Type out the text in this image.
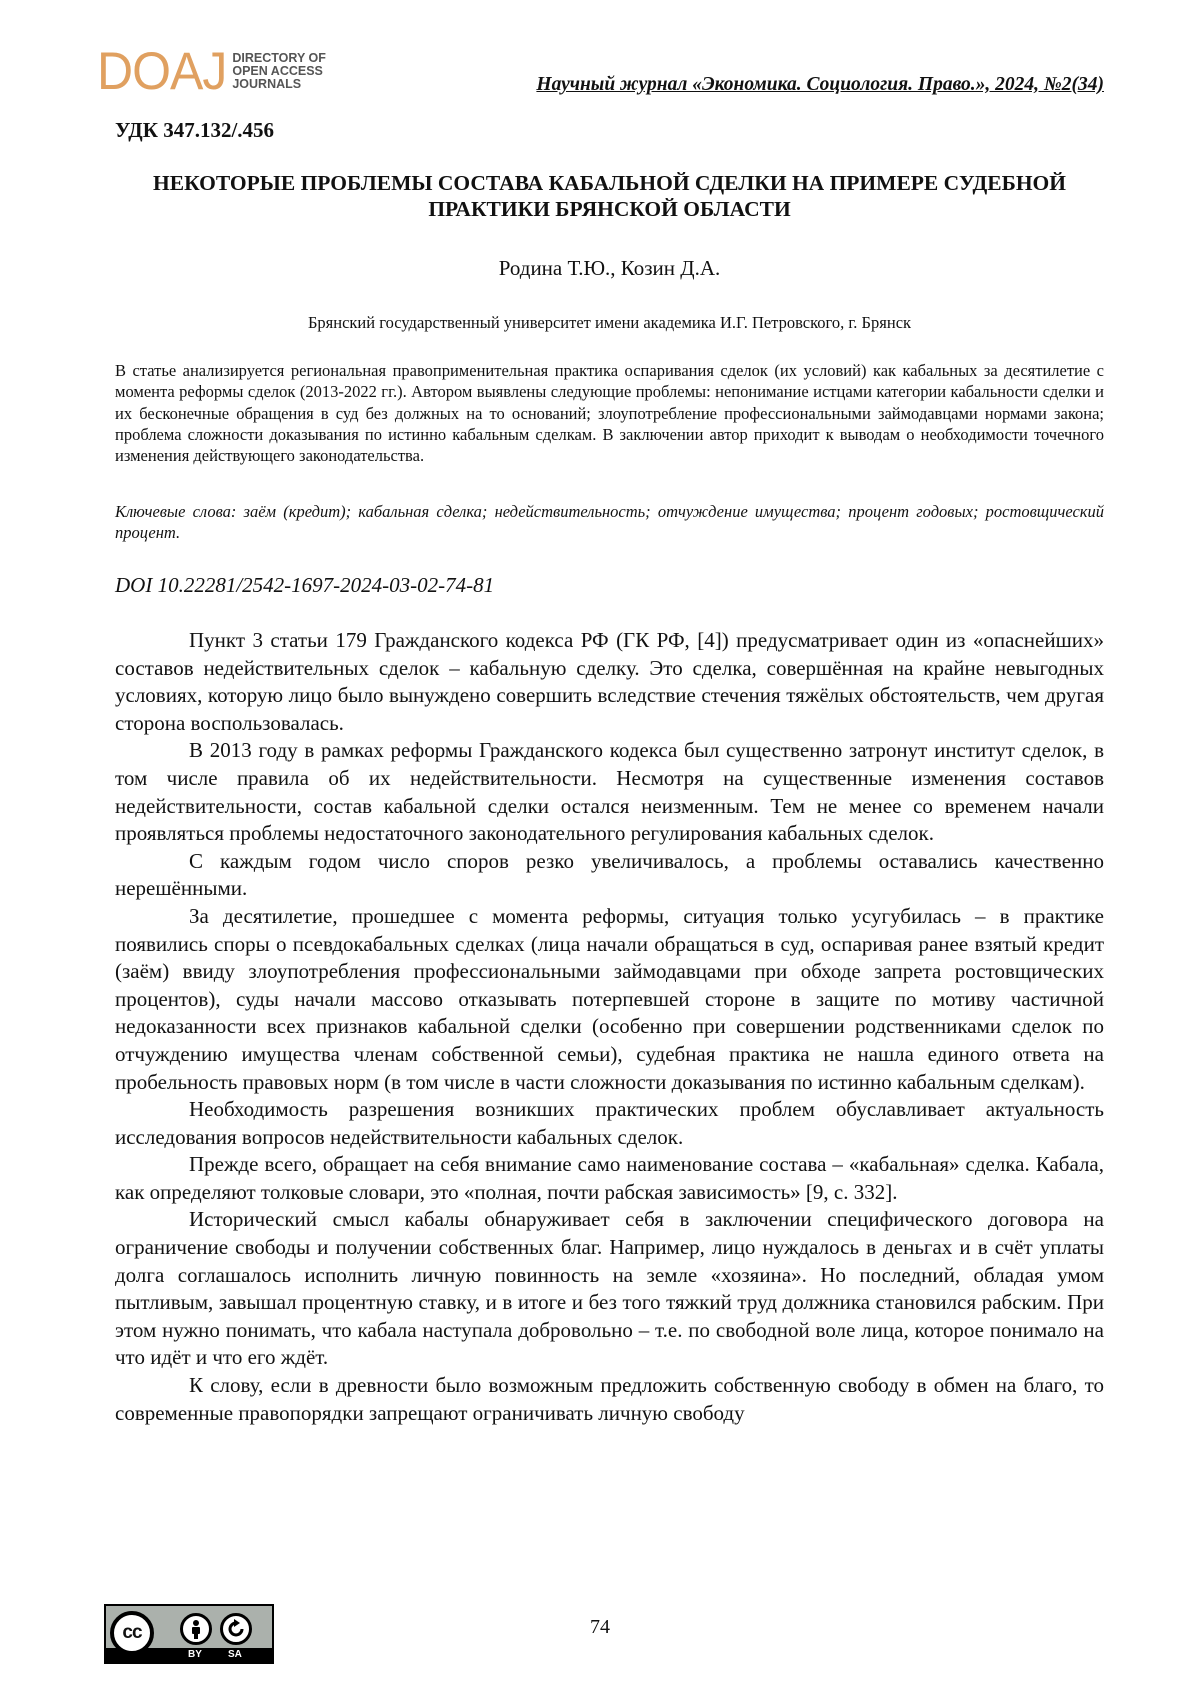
DOAJ DIRECTORY OF
OPEN ACCESS
JOURNALS	Научный журнал «Экономика. Социология. Право.», 2024, №2(34)
УДК 347.132/.456
НЕКОТОРЫЕ ПРОБЛЕМЫ СОСТАВА КАБАЛЬНОЙ СДЕЛКИ НА ПРИМЕРЕ СУДЕБНОЙ ПРАКТИКИ БРЯНСКОЙ ОБЛАСТИ
Родина Т.Ю., Козин Д.А.
Брянский государственный университет имени академика И.Г. Петровского, г. Брянск
В статье анализируется региональная правоприменительная практика оспаривания сделок (их условий) как кабальных за десятилетие с момента реформы сделок (2013-2022 гг.). Автором выявлены следующие проблемы: непонимание истцами категории кабальности сделки и их бесконечные обращения в суд без должных на то оснований; злоупотребление профессиональными займодавцами нормами закона; проблема сложности доказывания по истинно кабальным сделкам. В заключении автор приходит к выводам о необходимости точечного изменения действующего законодательства.
Ключевые слова: заём (кредит); кабальная сделка; недействительность; отчуждение имущества; процент годовых; ростовщический процент.
DOI 10.22281/2542-1697-2024-03-02-74-81

Пункт 3 статьи 179 Гражданского кодекса РФ (ГК РФ, [4]) предусматривает один из «опаснейших» составов недействительных сделок – кабальную сделку. Это сделка, совершённая на крайне невыгодных условиях, которую лицо было вынуждено совершить вследствие стечения тяжёлых обстоятельств, чем другая сторона воспользовалась.

В 2013 году в рамках реформы Гражданского кодекса был существенно затронут институт сделок, в том числе правила об их недействительности. Несмотря на существенные изменения составов недействительности, состав кабальной сделки остался неизменным. Тем не менее со временем начали проявляться проблемы недостаточного законодательного регулирования кабальных сделок.

С каждым годом число споров резко увеличивалось, а проблемы оставались качественно нерешёнными.

За десятилетие, прошедшее с момента реформы, ситуация только усугубилась – в практике появились споры о псевдокабальных сделках (лица начали обращаться в суд, оспаривая ранее взятый кредит (заём) ввиду злоупотребления профессиональными займодавцами при обходе запрета ростовщических процентов), суды начали массово отказывать потерпевшей стороне в защите по мотиву частичной недоказанности всех признаков кабальной сделки (особенно при совершении родственниками сделок по отчуждению имущества членам собственной семьи), судебная практика не нашла единого ответа на пробельность правовых норм (в том числе в части сложности доказывания по истинно кабальным сделкам).

Необходимость разрешения возникших практических проблем обуславливает актуальность исследования вопросов недействительности кабальных сделок.

Прежде всего, обращает на себя внимание само наименование состава – «кабальная» сделка. Кабала, как определяют толковые словари, это «полная, почти рабская зависимость» [9, с. 332].

Исторический смысл кабалы обнаруживает себя в заключении специфического договора на ограничение свободы и получении собственных благ. Например, лицо нуждалось в деньгах и в счёт уплаты долга соглашалось исполнить личную повинность на земле «хозяина». Но последний, обладая умом пытливым, завышал процентную ставку, и в итоге и без того тяжкий труд должника становился рабским. При этом нужно понимать, что кабала наступала добровольно – т.е. по свободной воле лица, которое понимало на что идёт и что его ждёт.

К слову, если в древности было возможным предложить собственную свободу в обмен на благо, то современные правопорядки запрещают ограничивать личную свободу

cc
BY	SA
74
